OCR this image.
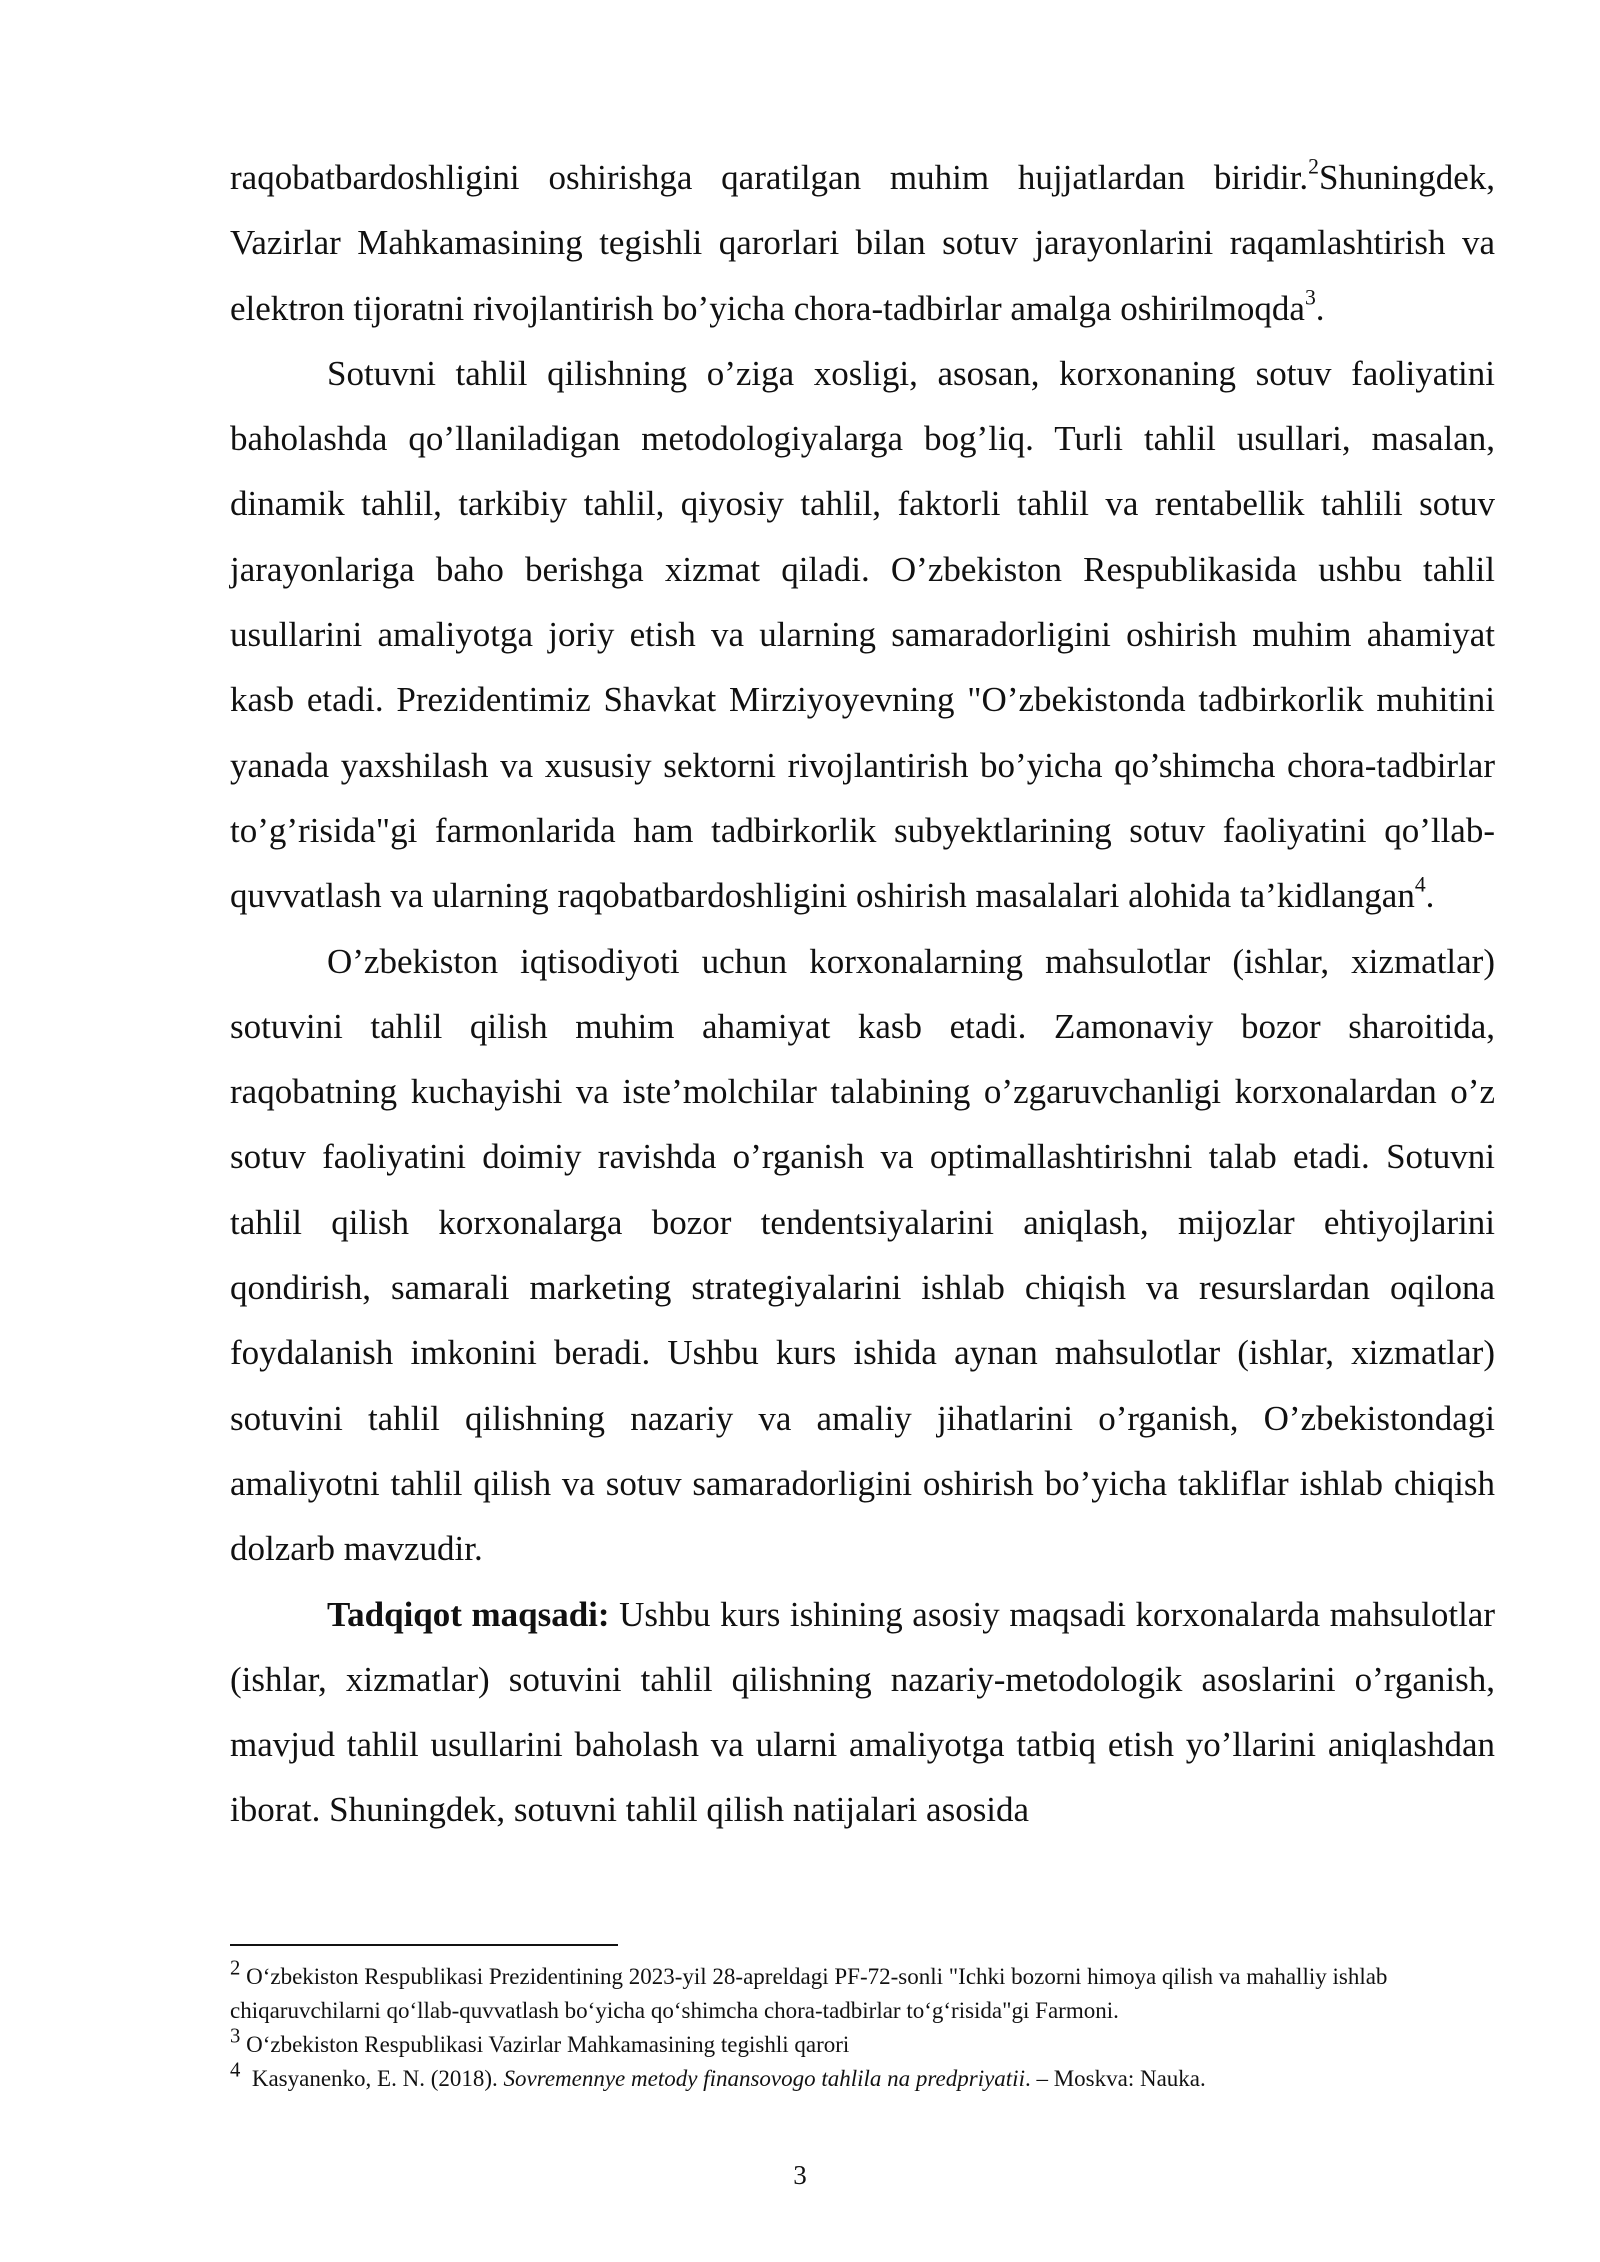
raqobatbardoshligini oshirishga qaratilgan muhim hujjatlardan biridir.$^2$Shuningdek, Vazirlar Mahkamasining tegishli qarorlari bilan sotuv jarayonlarini raqamlashtirish va elektron tijoratni rivojlantirish bo’yicha chora-tadbirlar amalga oshirilmoqda$^3$.

Sotuvni tahlil qilishning o’ziga xosligi, asosan, korxonaning sotuv faoliyatini baholashda qo’llaniladigan metodologiyalarga bog’liq. Turli tahlil usullari, masalan, dinamik tahlil, tarkibiy tahlil, qiyosiy tahlil, faktorli tahlil va rentabellik tahlili sotuv jarayonlariga baho berishga xizmat qiladi. O’zbekiston Respublikasida ushbu tahlil usullarini amaliyotga joriy etish va ularning samaradorligini oshirish muhim ahamiyat kasb etadi. Prezidentimiz Shavkat Mirziyoyevning "O’zbekistonda tadbirkorlik muhitini yanada yaxshilash va xususiy sektorni rivojlantirish bo’yicha qo’shimcha chora-tadbirlar to’g’risida"gi farmonlarida ham tadbirkorlik subyektlarining sotuv faoliyatini qo’llab-quvvatlash va ularning raqobatbardoshligini oshirish masalalari alohida ta’kidlangan$^4$.

O’zbekiston iqtisodiyoti uchun korxonalarning mahsulotlar (ishlar, xizmatlar) sotuvini tahlil qilish muhim ahamiyat kasb etadi. Zamonaviy bozor sharoitida, raqobatning kuchayishi va iste’molchilar talabining o’zgaruvchanligi korxonalardan o’z sotuv faoliyatini doimiy ravishda o’rganish va optimallashtirishni talab etadi. Sotuvni tahlil qilish korxonalarga bozor tendentsiyalarini aniqlash, mijozlar ehtiyojlarini qondirish, samarali marketing strategiyalarini ishlab chiqish va resurslardan oqilona foydalanish imkonini beradi. Ushbu kurs ishida aynan mahsulotlar (ishlar, xizmatlar) sotuvini tahlil qilishning nazariy va amaliy jihatlarini o’rganish, O’zbekistondagi amaliyotni tahlil qilish va sotuv samaradorligini oshirish bo’yicha takliflar ishlab chiqish dolzarb mavzudir.

Tadqiqot maqsadi: Ushbu kurs ishining asosiy maqsadi korxonalarda mahsulotlar (ishlar, xizmatlar) sotuvini tahlil qilishning nazariy-metodologik asoslarini o’rganish, mavjud tahlil usullarini baholash va ularni amaliyotga tatbiq etish yo’llarini aniqlashdan iborat. Shuningdek, sotuvni tahlil qilish natijalari asosida

2 O‘zbekiston Respublikasi Prezidentining 2023-yil 28-apreldagi PF-72-sonli "Ichki bozorni himoya qilish va mahalliy ishlab chiqaruvchilarni qo‘llab-quvvatlash bo‘yicha qo‘shimcha chora-tadbirlar to‘g‘risida"gi Farmoni.

3 O‘zbekiston Respublikasi Vazirlar Mahkamasining tegishli qarori

4  Kasyanenko, E. N. (2018). Sovremennye metody finansovogo tahlila na predpriyatii. – Moskva: Nauka.

3
